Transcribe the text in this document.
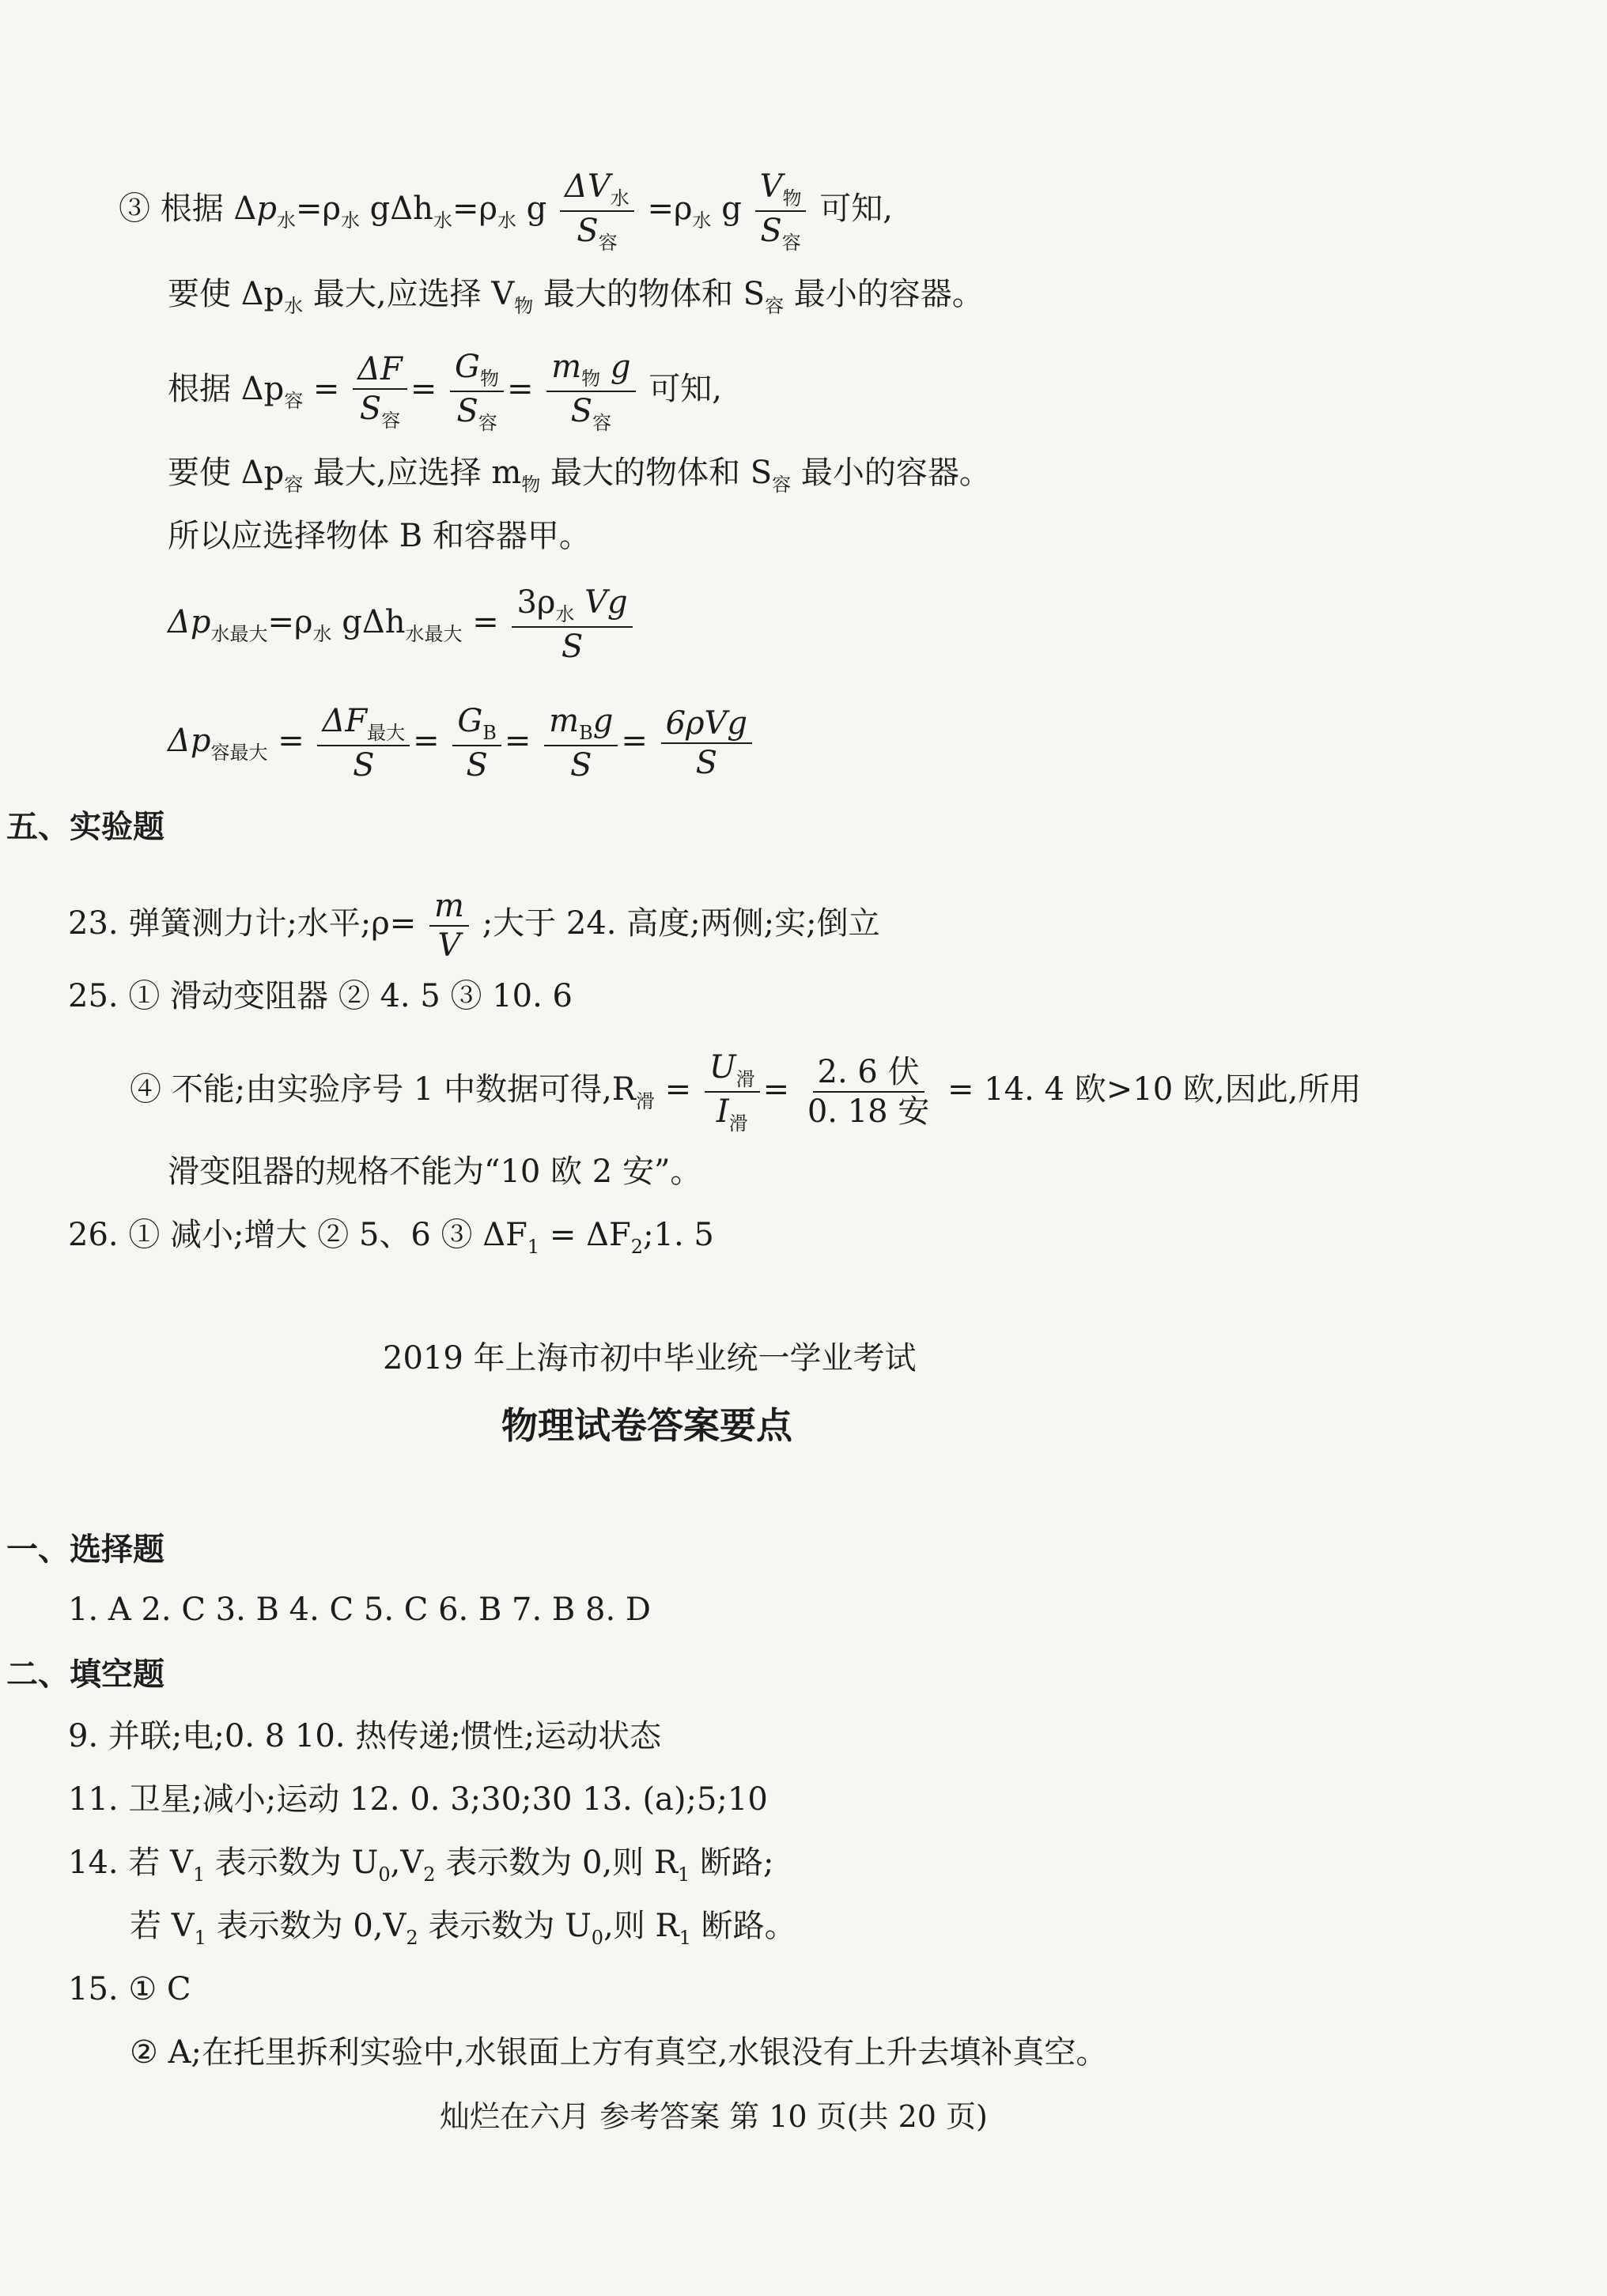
③ 根据 $\Delta p_水=\rho_水$ $g\Delta h_水=\rho_水$ g $\frac{\Delta V_水}{S_容} =\rho_水$ g $\frac{V_物}{S_容}$ 可知,
要使 $\Delta p_水$ 最大,应选择 $V_物$ 最大的物体和 $S_容$ 最小的容器。
根据 $\Delta p_容 = \frac{\Delta F}{S_容} = \frac{G_物}{S_容} = \frac{m_物 g}{S_容}$ 可知,
要使 $\Delta p_容$ 最大,应选择 $m_物$ 最大的物体和 $S_容$ 最小的容器。
所以应选择物体 B 和容器甲。
$\Delta p_{水最大}=\rho_水$ $g\Delta h_{水最大} = \frac{3\rho_水 Vg}{S}$
$\Delta p_{容最大} = \frac{\Delta F_{最大}}{S} = \frac{G_B}{S} = \frac{m_Bg}{S} = \frac{\text{6ρVg}}{S}$
五、实验题
23. 弹簧测力计;水平;ρ= $\frac{m}{V}$ ;大于 24. 高度;两侧;实;倒立
25. ① 滑动变阻器 ② 4. 5 ③ 10. 6
④ 不能;由实验序号 1 中数据可得$,R_滑 = \frac{U_滑}{I_滑} = \frac{\text{2. 6 伏}}{\text{0. 18 安}} = 14$. 4 欧>10 欧,因此,所用
滑变阻器的规格不能为“10 欧 2 安”。
26. ① 减小;增大 ② 5、6 ③ $\Delta F_1$ = $\Delta F_2;1$. 5
2019 年上海市初中毕业统一学业考试
物理试卷答案要点
一、选择题
1. A 2. C 3. B 4. C 5. C 6. B 7. B 8. D
二、填空题
9. 并联;电;0. 8 10. 热传递;惯性;运动状态
11. 卫星;减小;运动 12. 0. 3;30;30 13. (a);5;10
14. 若 $V_1$ 表示数为 $U_0,V_2$ 表示数为 0,则 $R_1$ 断路;
若 $V_1$ 表示数为 $0,V_2$ 表示数为 $U_0$,则 $R_1$ 断路。
15. ① C
② A;在托里拆利实验中,水银面上方有真空,水银没有上升去填补真空。
灿烂在六月 参考答案 第 10 页(共 20 页)
